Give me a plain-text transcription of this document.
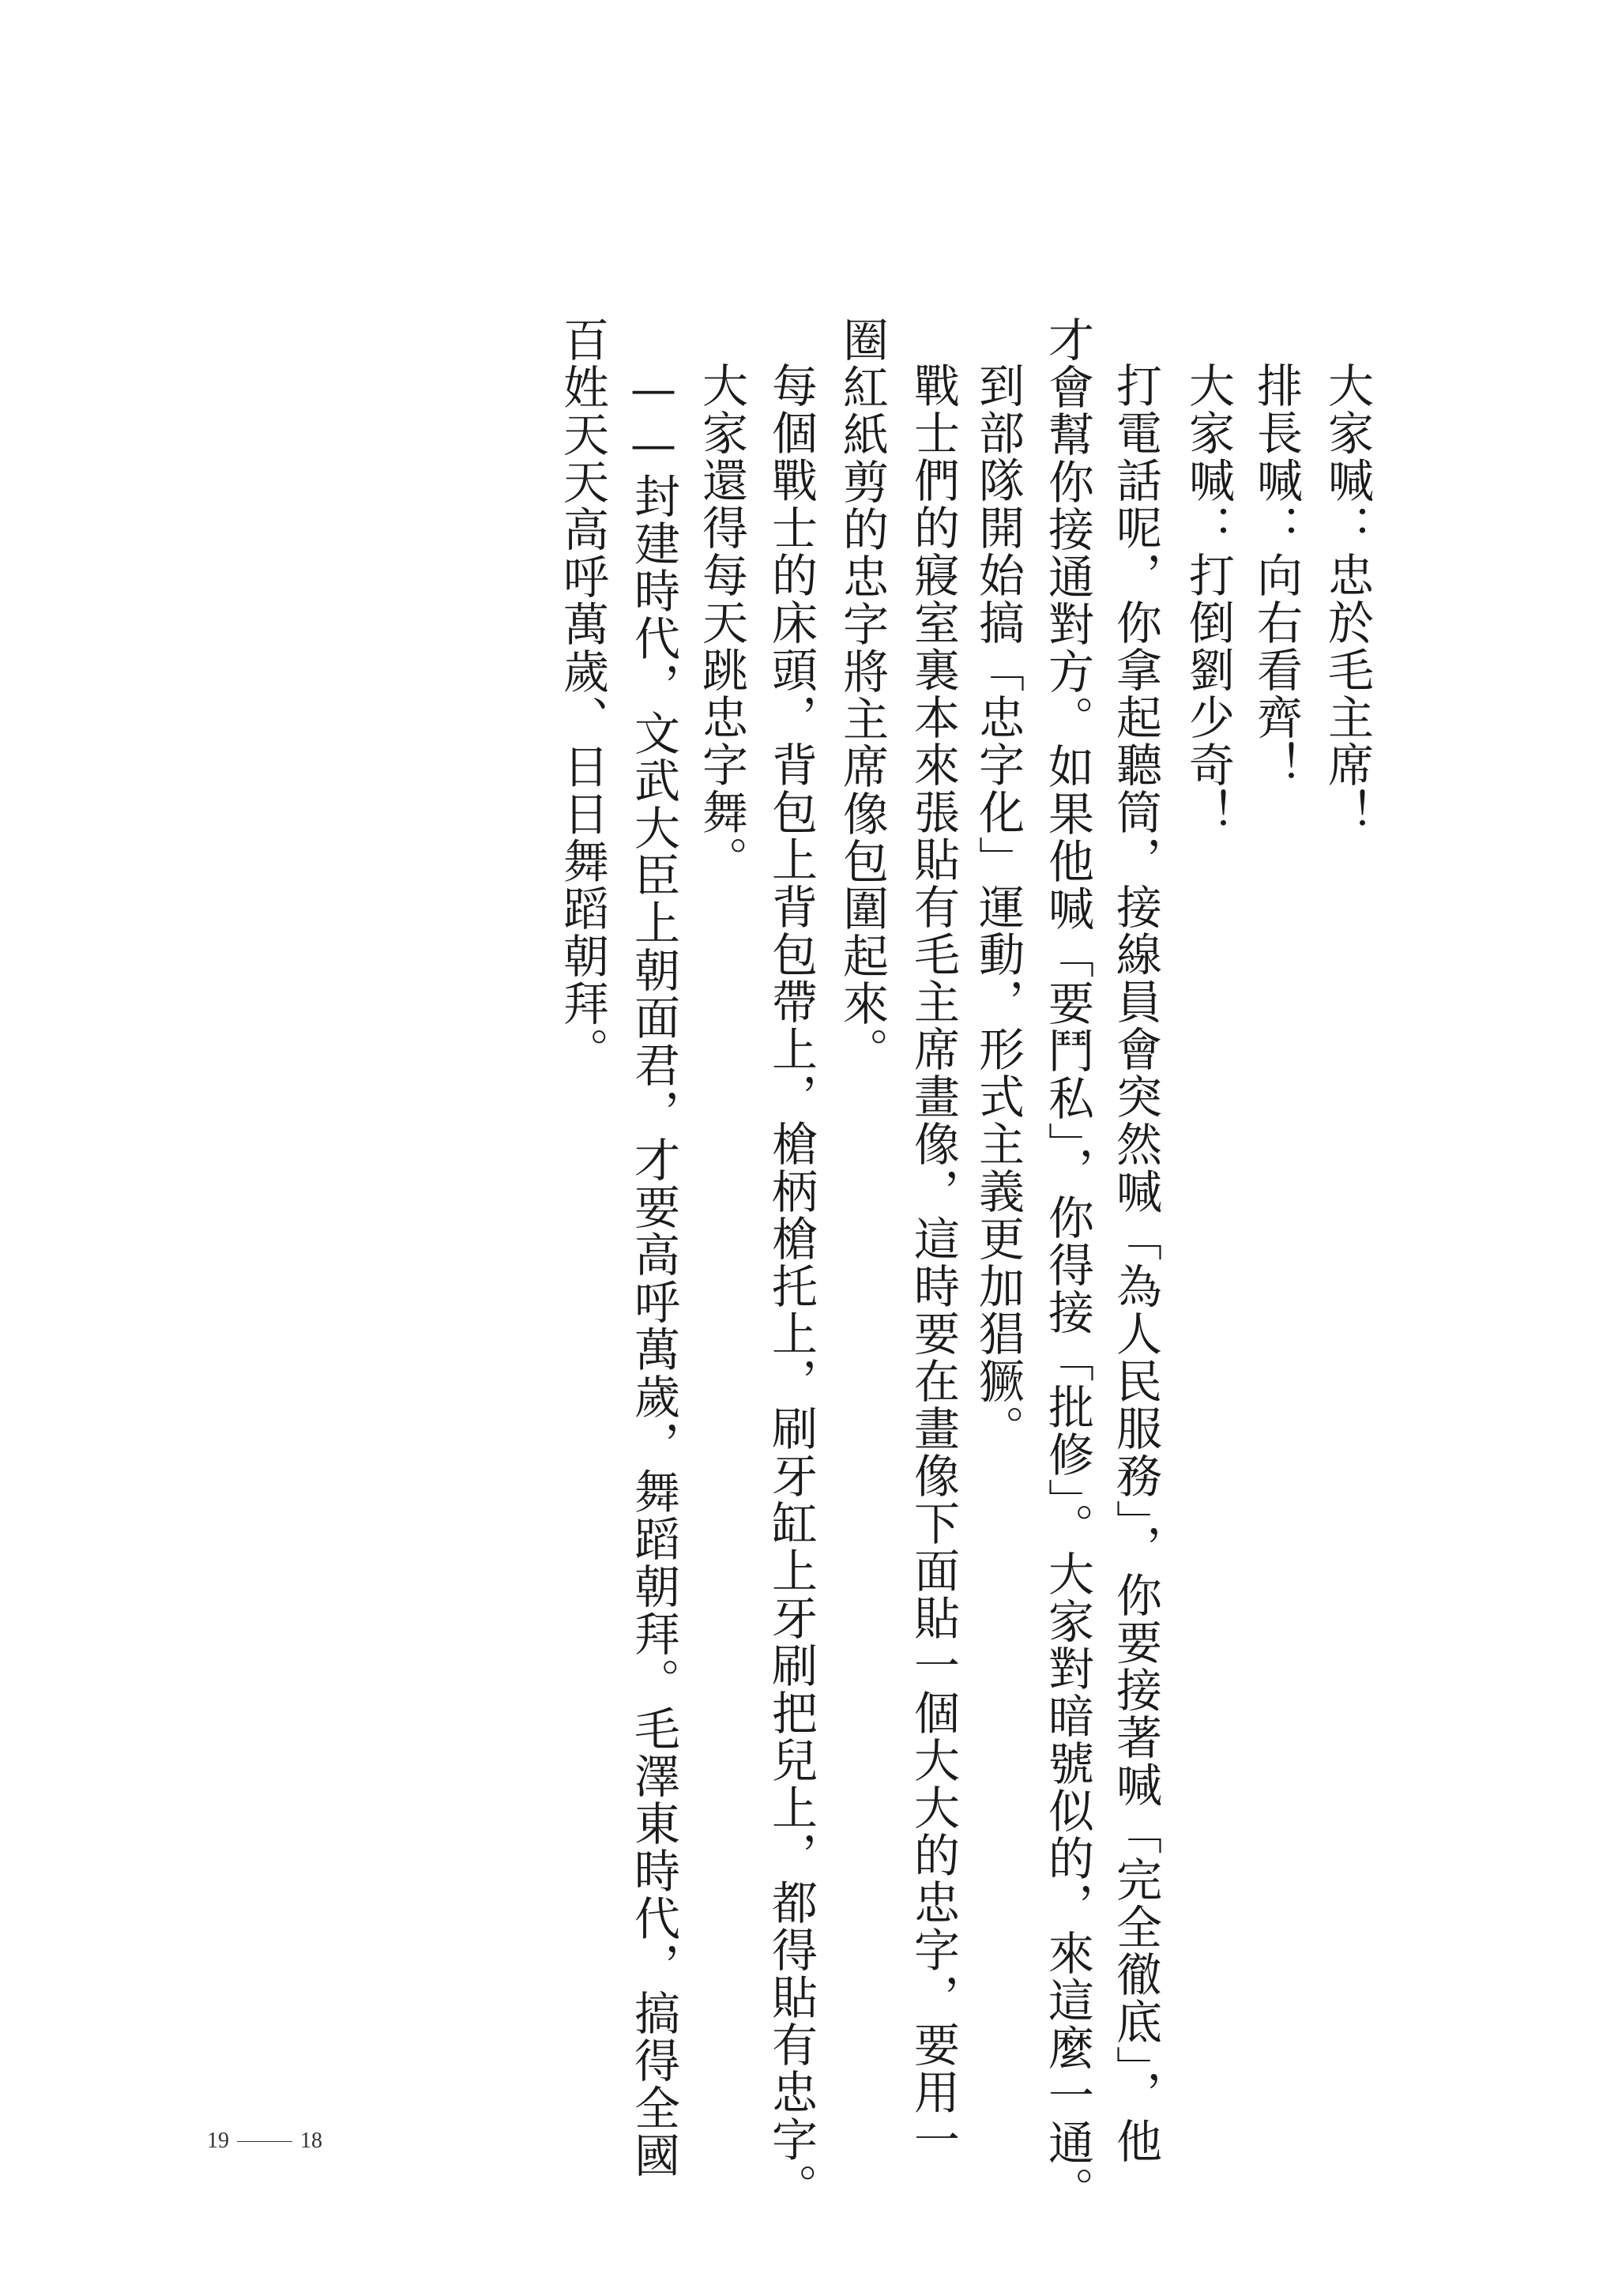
大家喊：忠於毛主席！
排長喊：向右看齊！
大家喊：打倒劉少奇！
打電話呢，你拿起聽筒，接線員會突然喊「為人民服務」，你要接著喊「完全徹底」，他
才會幫你接通對方。如果他喊「要鬥私」，你得接「批修」。大家對暗號似的，來這麼一通。
到部隊開始搞「忠字化」運動，形式主義更加猖獗。
戰士們的寢室裏本來張貼有毛主席畫像，這時要在畫像下面貼一個大大的忠字，要用一
圈紅紙剪的忠字將主席像包圍起來。
每個戰士的床頭，背包上背包帶上，槍柄槍托上，刷牙缸上牙刷把兒上，都得貼有忠字。
大家還得每天跳忠字舞。
——封建時代，文武大臣上朝面君，才要高呼萬歲，舞蹈朝拜。毛澤東時代，搞得全國
百姓天天高呼萬歲、日日舞蹈朝拜。
19	18
